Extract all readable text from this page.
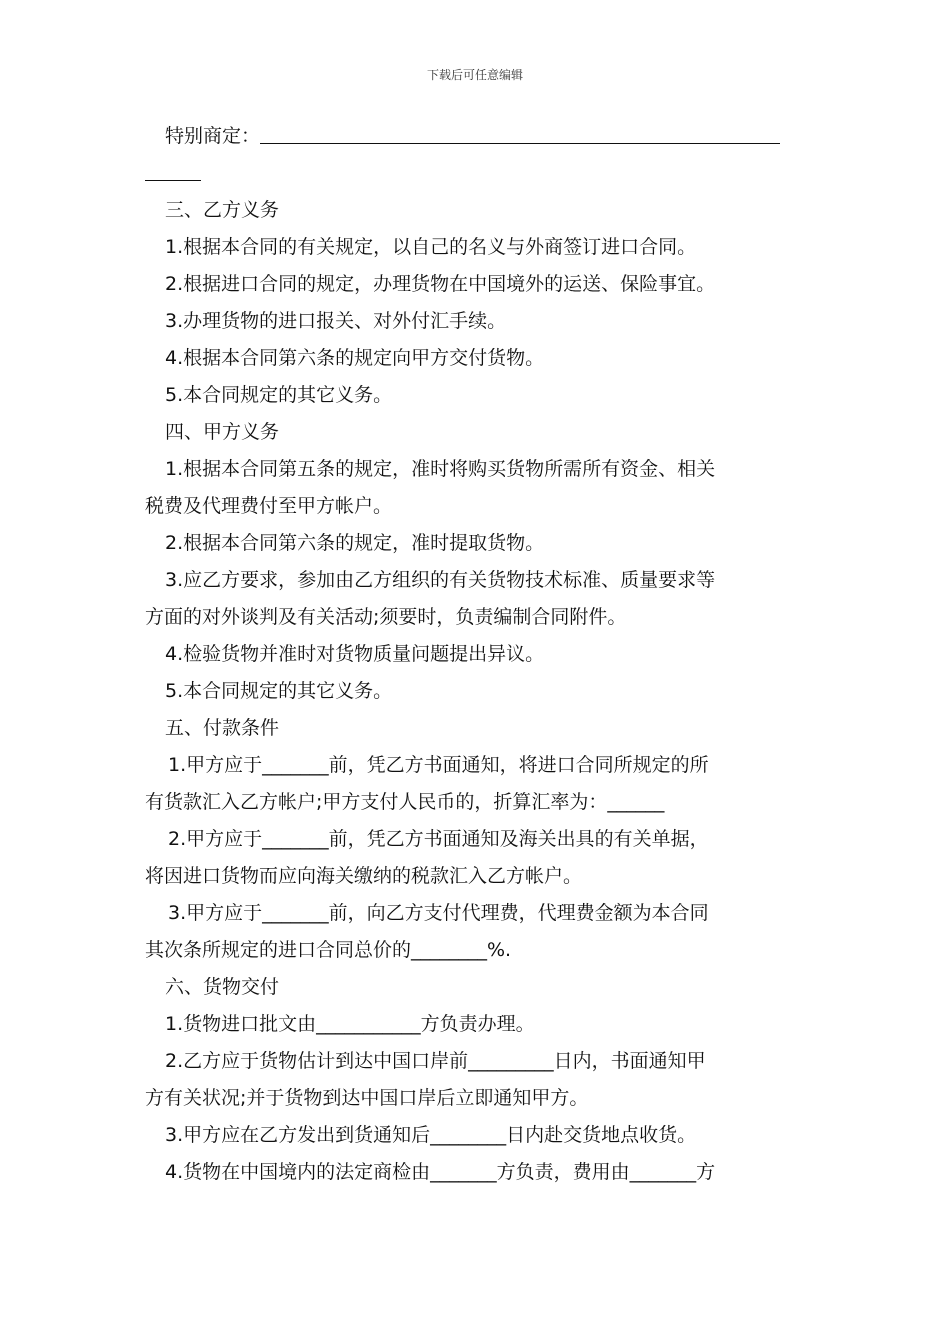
下载后可任意编辑
特别商定：
三、乙方义务
1.根据本合同的有关规定，以自己的名义与外商签订进口合同。
2.根据进口合同的规定，办理货物在中国境外的运送、保险事宜。
3.办理货物的进口报关、对外付汇手续。
4.根据本合同第六条的规定向甲方交付货物。
5.本合同规定的其它义务。
四、甲方义务
1.根据本合同第五条的规定，准时将购买货物所需所有资金、相关
税费及代理费付至甲方帐户。
2.根据本合同第六条的规定，准时提取货物。
3.应乙方要求，参加由乙方组织的有关货物技术标准、质量要求等
方面的对外谈判及有关活动;须要时，负责编制合同附件。
4.检验货物并准时对货物质量问题提出异议。
5.本合同规定的其它义务。
五、付款条件
1.甲方应于_______前，凭乙方书面通知，将进口合同所规定的所
有货款汇入乙方帐户;甲方支付人民币的，折算汇率为：______
2.甲方应于_______前，凭乙方书面通知及海关出具的有关单据，
将因进口货物而应向海关缴纳的税款汇入乙方帐户。
3.甲方应于_______前，向乙方支付代理费，代理费金额为本合同
其次条所规定的进口合同总价的________%.
六、货物交付
1.货物进口批文由___________方负责办理。
2.乙方应于货物估计到达中国口岸前_________日内，书面通知甲
方有关状况;并于货物到达中国口岸后立即通知甲方。
3.甲方应在乙方发出到货通知后________日内赴交货地点收货。
4.货物在中国境内的法定商检由_______方负责，费用由_______方
